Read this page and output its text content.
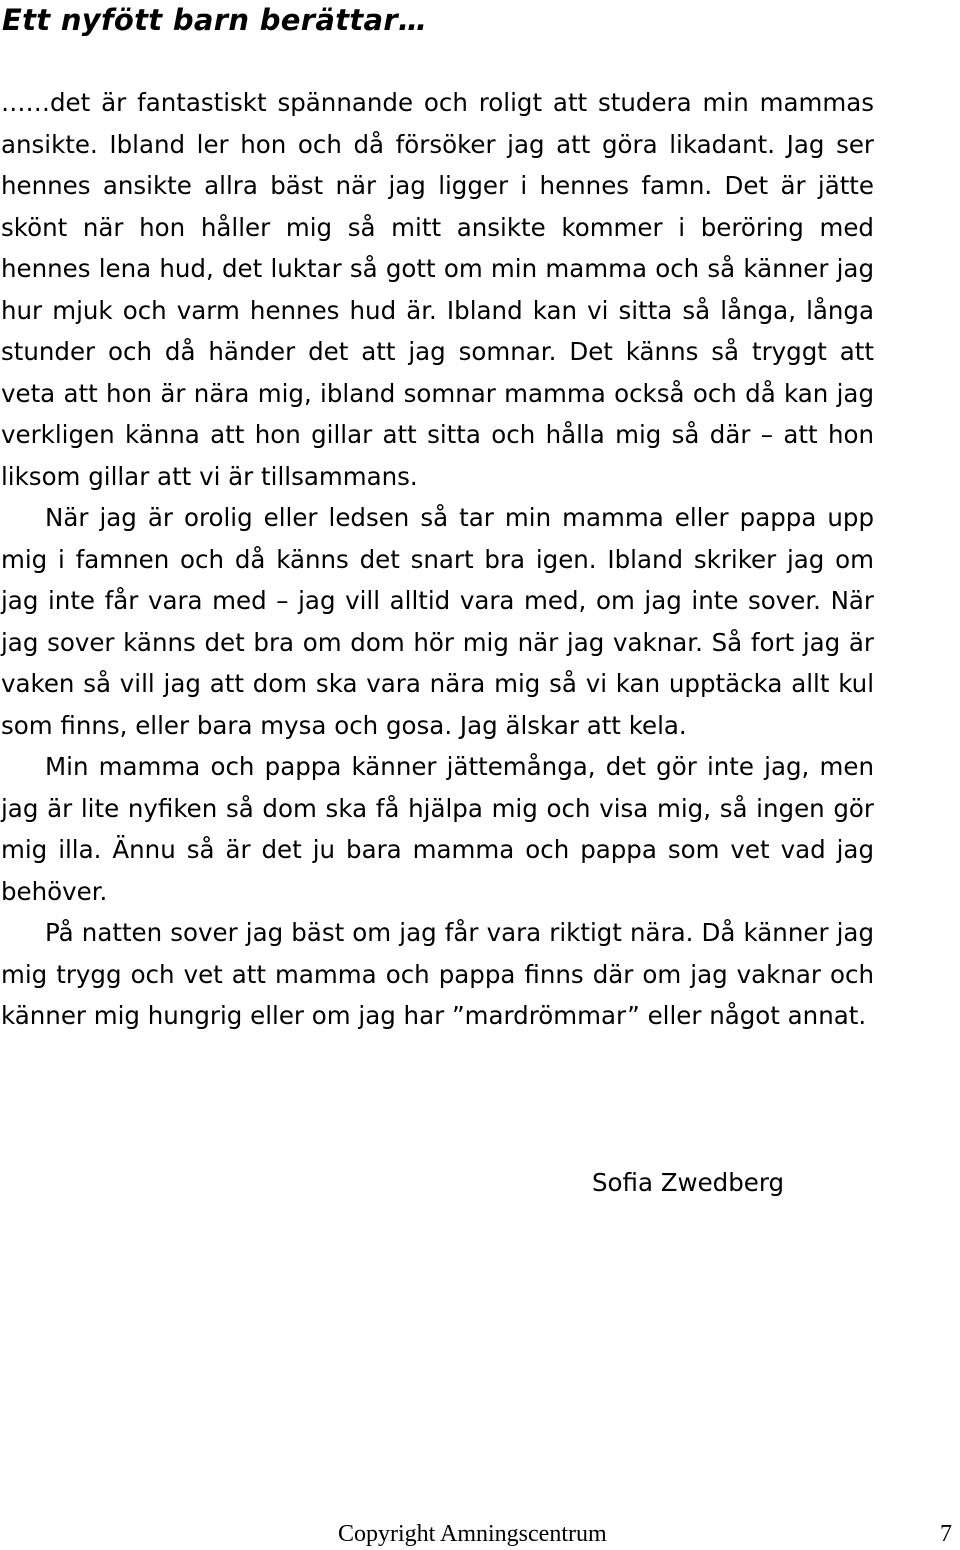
Ett nyfött barn berättar…

……det är fantastiskt spännande och roligt att studera min mammas ansikte. Ibland ler hon och då försöker jag att göra likadant. Jag ser hennes ansikte allra bäst när jag ligger i hennes famn. Det är jätte skönt när hon håller mig så mitt ansikte kommer i beröring med hennes lena hud, det luktar så gott om min mamma och så känner jag hur mjuk och varm hennes hud är. Ibland kan vi sitta så långa, långa stunder och då händer det att jag somnar. Det känns så tryggt att veta att hon är nära mig, ibland somnar mamma också och då kan jag verkligen känna att hon gillar att sitta och hålla mig så där – att hon liksom gillar att vi är tillsammans.

När jag är orolig eller ledsen så tar min mamma eller pappa upp mig i famnen och då känns det snart bra igen. Ibland skriker jag om jag inte får vara med – jag vill alltid vara med, om jag inte sover. När jag sover känns det bra om dom hör mig när jag vaknar. Så fort jag är vaken så vill jag att dom ska vara nära mig så vi kan upptäcka allt kul som finns, eller bara mysa och gosa. Jag älskar att kela.

Min mamma och pappa känner jättemånga, det gör inte jag, men jag är lite nyfiken så dom ska få hjälpa mig och visa mig, så ingen gör mig illa. Ännu så är det ju bara mamma och pappa som vet vad jag behöver.

På natten sover jag bäst om jag får vara riktigt nära. Då känner jag mig trygg och vet att mamma och pappa finns där om jag vaknar och känner mig hungrig eller om jag har ”mardrömmar” eller något annat.

Sofia Zwedberg

Copyright Amningscentrum	7
